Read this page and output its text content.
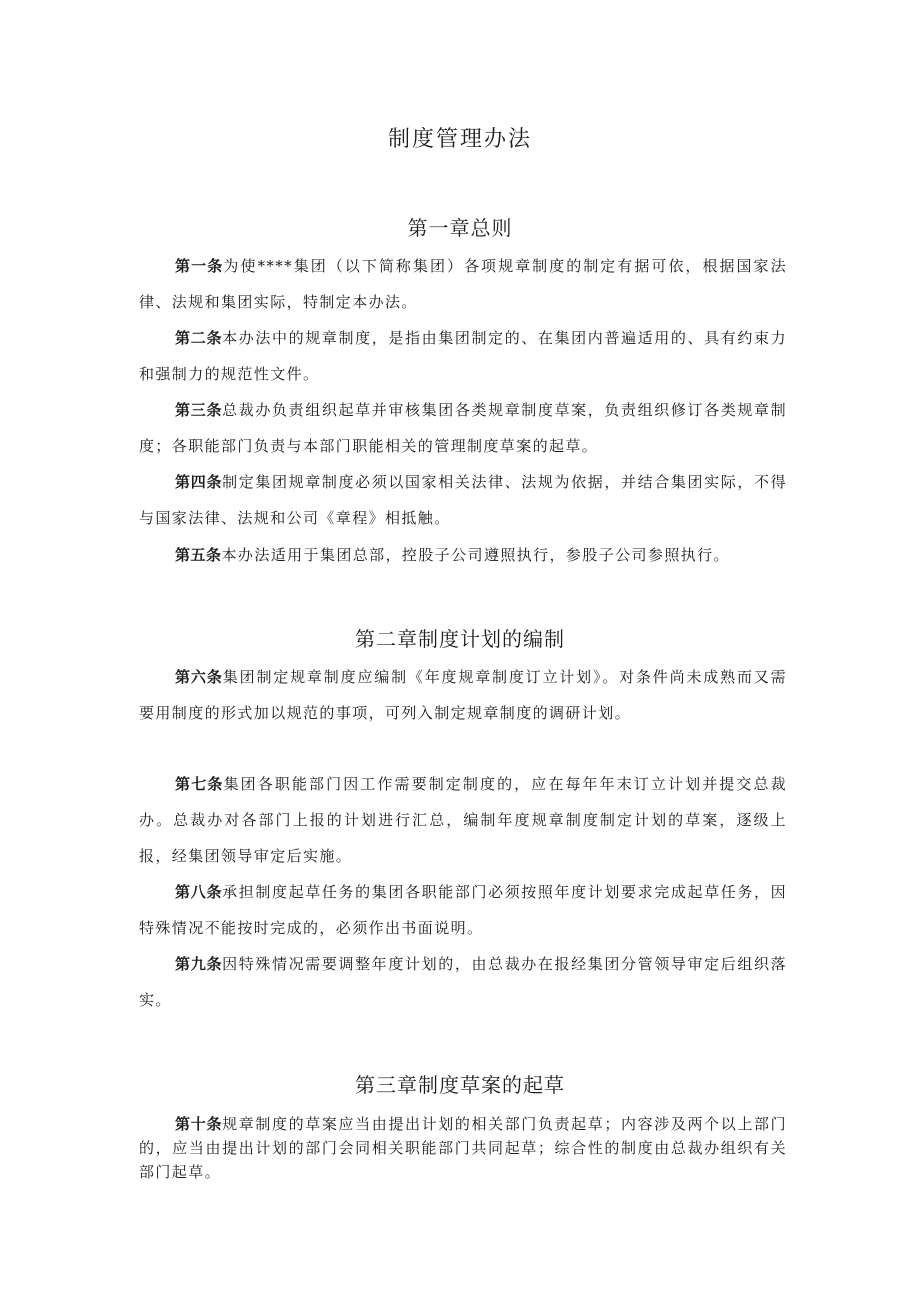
制度管理办法
第一章总则

第一条为使****集团（以下简称集团）各项规章制度的制定有据可依，根据国家法律、法规和集团实际，特制定本办法。

第二条本办法中的规章制度，是指由集团制定的、在集团内普遍适用的、具有约束力和强制力的规范性文件。

第三条总裁办负责组织起草并审核集团各类规章制度草案，负责组织修订各类规章制度；各职能部门负责与本部门职能相关的管理制度草案的起草。

第四条制定集团规章制度必须以国家相关法律、法规为依据，并结合集团实际，不得与国家法律、法规和公司《章程》相抵触。

第五条本办法适用于集团总部，控股子公司遵照执行，参股子公司参照执行。

第二章制度计划的编制

第六条集团制定规章制度应编制《年度规章制度订立计划》。对条件尚未成熟而又需要用制度的形式加以规范的事项，可列入制定规章制度的调研计划。

第七条集团各职能部门因工作需要制定制度的，应在每年年末订立计划并提交总裁办。总裁办对各部门上报的计划进行汇总，编制年度规章制度制定计划的草案，逐级上报，经集团领导审定后实施。

第八条承担制度起草任务的集团各职能部门必须按照年度计划要求完成起草任务，因特殊情况不能按时完成的，必须作出书面说明。

第九条因特殊情况需要调整年度计划的，由总裁办在报经集团分管领导审定后组织落实。

第三章制度草案的起草

第十条规章制度的草案应当由提出计划的相关部门负责起草；内容涉及两个以上部门的，应当由提出计划的部门会同相关职能部门共同起草；综合性的制度由总裁办组织有关部门起草。
